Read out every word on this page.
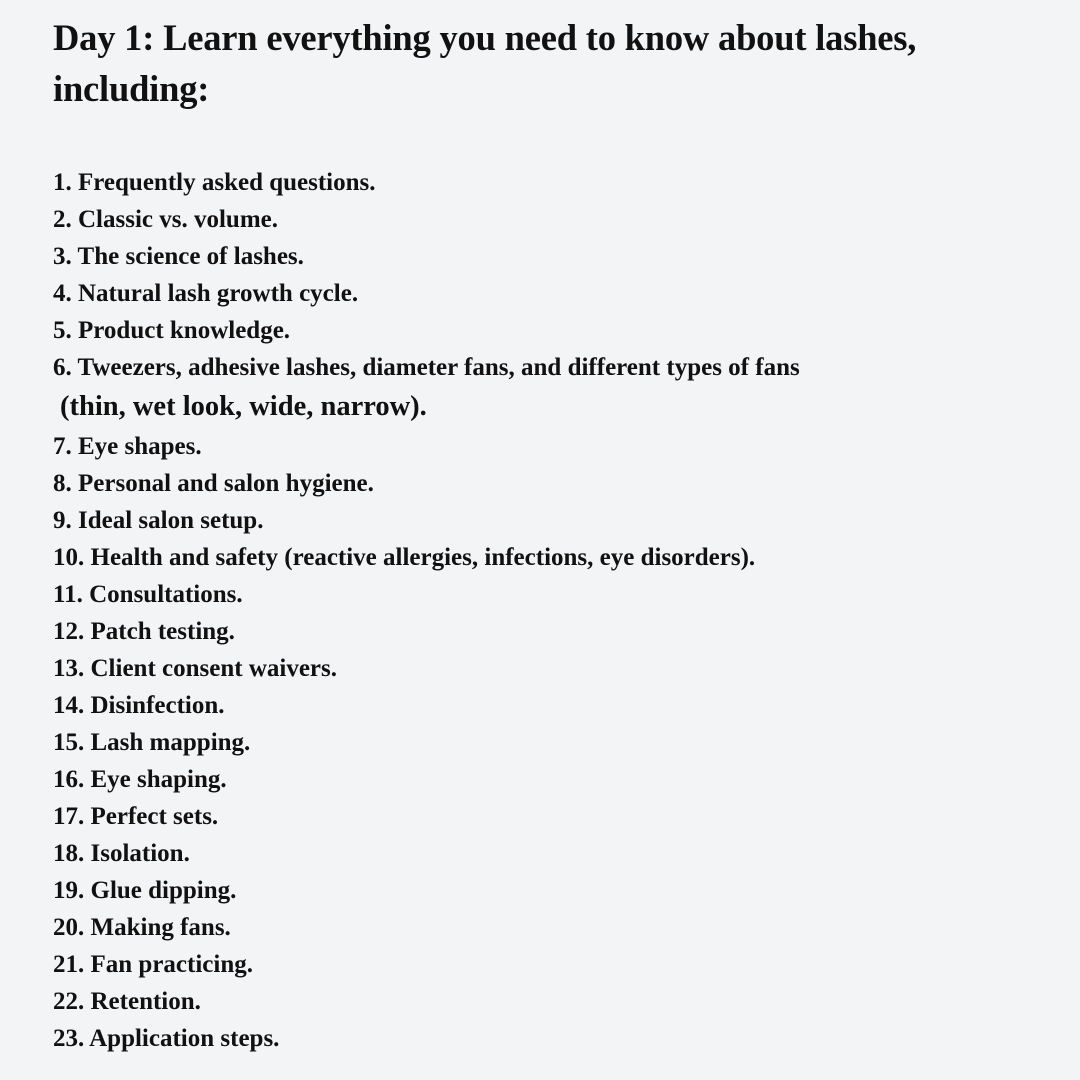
Day 1: Learn everything you need to know about lashes, including:
1. Frequently asked questions.
2. Classic vs. volume.
3. The science of lashes.
4. Natural lash growth cycle.
5. Product knowledge.
6. Tweezers, adhesive lashes, diameter fans, and different types of fans
(thin, wet look, wide, narrow).
7. Eye shapes.
8. Personal and salon hygiene.
9. Ideal salon setup.
10. Health and safety (reactive allergies, infections, eye disorders).
11. Consultations.
12. Patch testing.
13. Client consent waivers.
14. Disinfection.
15. Lash mapping.
16. Eye shaping.
17. Perfect sets.
18. Isolation.
19. Glue dipping.
20. Making fans.
21. Fan practicing.
22. Retention.
23. Application steps.
